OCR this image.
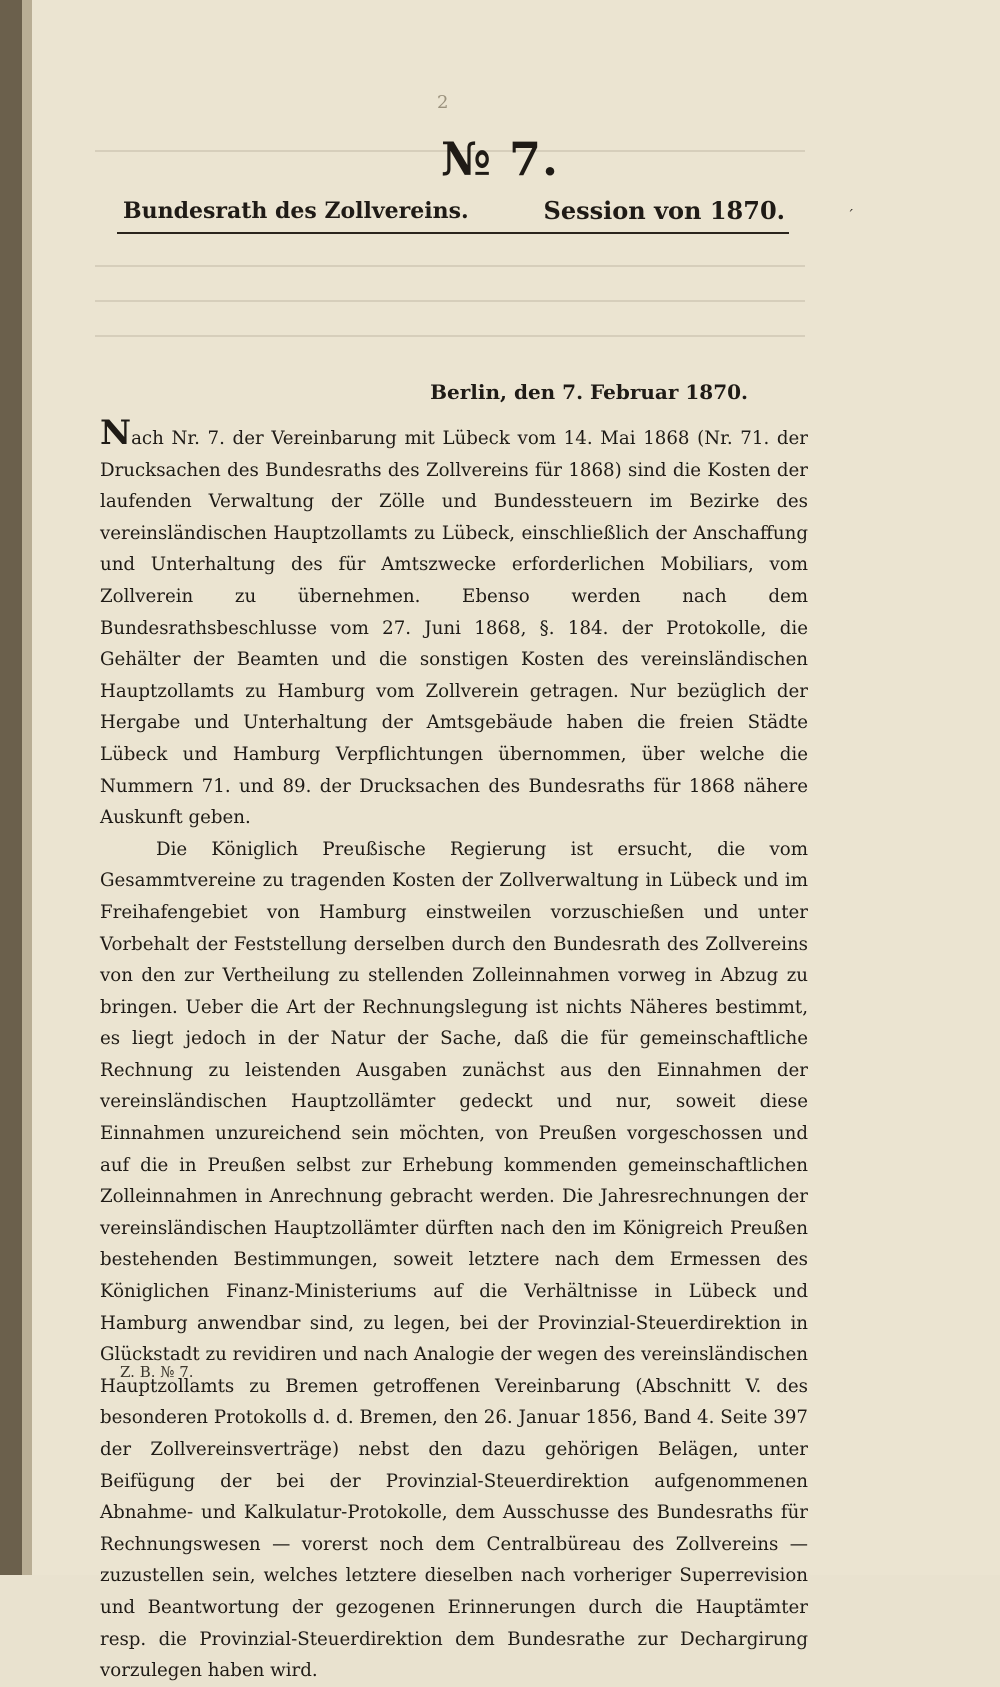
2
№ 7.
Bundesrath des Zollvereins.	Session von 1870.	´
Berlin, den 7. Februar 1870.

Nach Nr. 7. der Vereinbarung mit Lübeck vom 14. Mai 1868 (Nr. 71. der Drucksachen des Bundesraths des Zollvereins für 1868) sind die Kosten der laufenden Verwaltung der Zölle und Bundessteuern im Bezirke des vereinsländischen Hauptzollamts zu Lübeck, einschließlich der Anschaffung und Unterhaltung des für Amtszwecke erforderlichen Mobiliars, vom Zollverein zu übernehmen. Ebenso werden nach dem Bundesrathsbeschlusse vom 27. Juni 1868, §. 184. der Protokolle, die Gehälter der Beamten und die sonstigen Kosten des vereinsländischen Hauptzollamts zu Hamburg vom Zollverein getragen. Nur bezüglich der Hergabe und Unterhaltung der Amtsgebäude haben die freien Städte Lübeck und Hamburg Verpflichtungen übernommen, über welche die Nummern 71. und 89. der Drucksachen des Bundesraths für 1868 nähere Auskunft geben.

Die Königlich Preußische Regierung ist ersucht, die vom Gesammtvereine zu tragenden Kosten der Zollverwaltung in Lübeck und im Freihafengebiet von Hamburg einstweilen vorzuschießen und unter Vorbehalt der Feststellung derselben durch den Bundesrath des Zollvereins von den zur Vertheilung zu stellenden Zolleinnahmen vorweg in Abzug zu bringen. Ueber die Art der Rechnungslegung ist nichts Näheres bestimmt, es liegt jedoch in der Natur der Sache, daß die für gemeinschaftliche Rechnung zu leistenden Ausgaben zunächst aus den Einnahmen der vereinsländischen Hauptzollämter gedeckt und nur, soweit diese Einnahmen unzureichend sein möchten, von Preußen vorgeschossen und auf die in Preußen selbst zur Erhebung kommenden gemeinschaftlichen Zolleinnahmen in Anrechnung gebracht werden. Die Jahresrechnungen der vereinsländischen Hauptzollämter dürften nach den im Königreich Preußen bestehenden Bestimmungen, soweit letztere nach dem Ermessen des Königlichen Finanz-Ministeriums auf die Verhältnisse in Lübeck und Hamburg anwendbar sind, zu legen, bei der Provinzial-Steuerdirektion in Glückstadt zu revidiren und nach Analogie der wegen des vereinsländischen Hauptzollamts zu Bremen getroffenen Vereinbarung (Abschnitt V. des besonderen Protokolls d. d. Bremen, den 26. Januar 1856, Band 4. Seite 397 der Zollvereinsverträge) nebst den dazu gehörigen Belägen, unter Beifügung der bei der Provinzial-Steuerdirektion aufgenommenen Abnahme- und Kalkulatur-Protokolle, dem Ausschusse des Bundesraths für Rechnungswesen — vorerst noch dem Centralbüreau des Zollvereins — zuzustellen sein, welches letztere dieselben nach vorheriger Superrevision und Beantwortung der gezogenen Erinnerungen durch die Hauptämter resp. die Provinzial-Steuerdirektion dem Bundesrathe zur Dechargirung vorzulegen haben wird.

Z. B. № 7.
